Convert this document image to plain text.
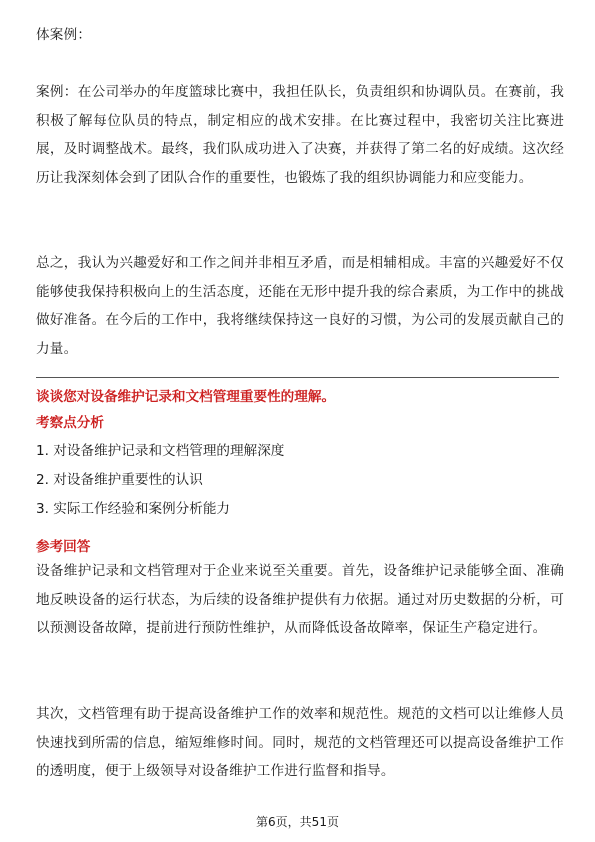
体案例：
案例：在公司举办的年度篮球比赛中，我担任队长，负责组织和协调队员。在赛前，我积极了解每位队员的特点，制定相应的战术安排。在比赛过程中，我密切关注比赛进展，及时调整战术。最终，我们队成功进入了决赛，并获得了第二名的好成绩。这次经历让我深刻体会到了团队合作的重要性，也锻炼了我的组织协调能力和应变能力。
总之，我认为兴趣爱好和工作之间并非相互矛盾，而是相辅相成。丰富的兴趣爱好不仅能够使我保持积极向上的生活态度，还能在无形中提升我的综合素质，为工作中的挑战做好准备。在今后的工作中，我将继续保持这一良好的习惯，为公司的发展贡献自己的力量。
谈谈您对设备维护记录和文档管理重要性的理解。
考察点分析
1. 对设备维护记录和文档管理的理解深度
2. 对设备维护重要性的认识
3. 实际工作经验和案例分析能力
参考回答
设备维护记录和文档管理对于企业来说至关重要。首先，设备维护记录能够全面、准确地反映设备的运行状态，为后续的设备维护提供有力依据。通过对历史数据的分析，可以预测设备故障，提前进行预防性维护，从而降低设备故障率，保证生产稳定进行。
其次，文档管理有助于提高设备维护工作的效率和规范性。规范的文档可以让维修人员快速找到所需的信息，缩短维修时间。同时，规范的文档管理还可以提高设备维护工作的透明度，便于上级领导对设备维护工作进行监督和指导。
第6页，共51页
